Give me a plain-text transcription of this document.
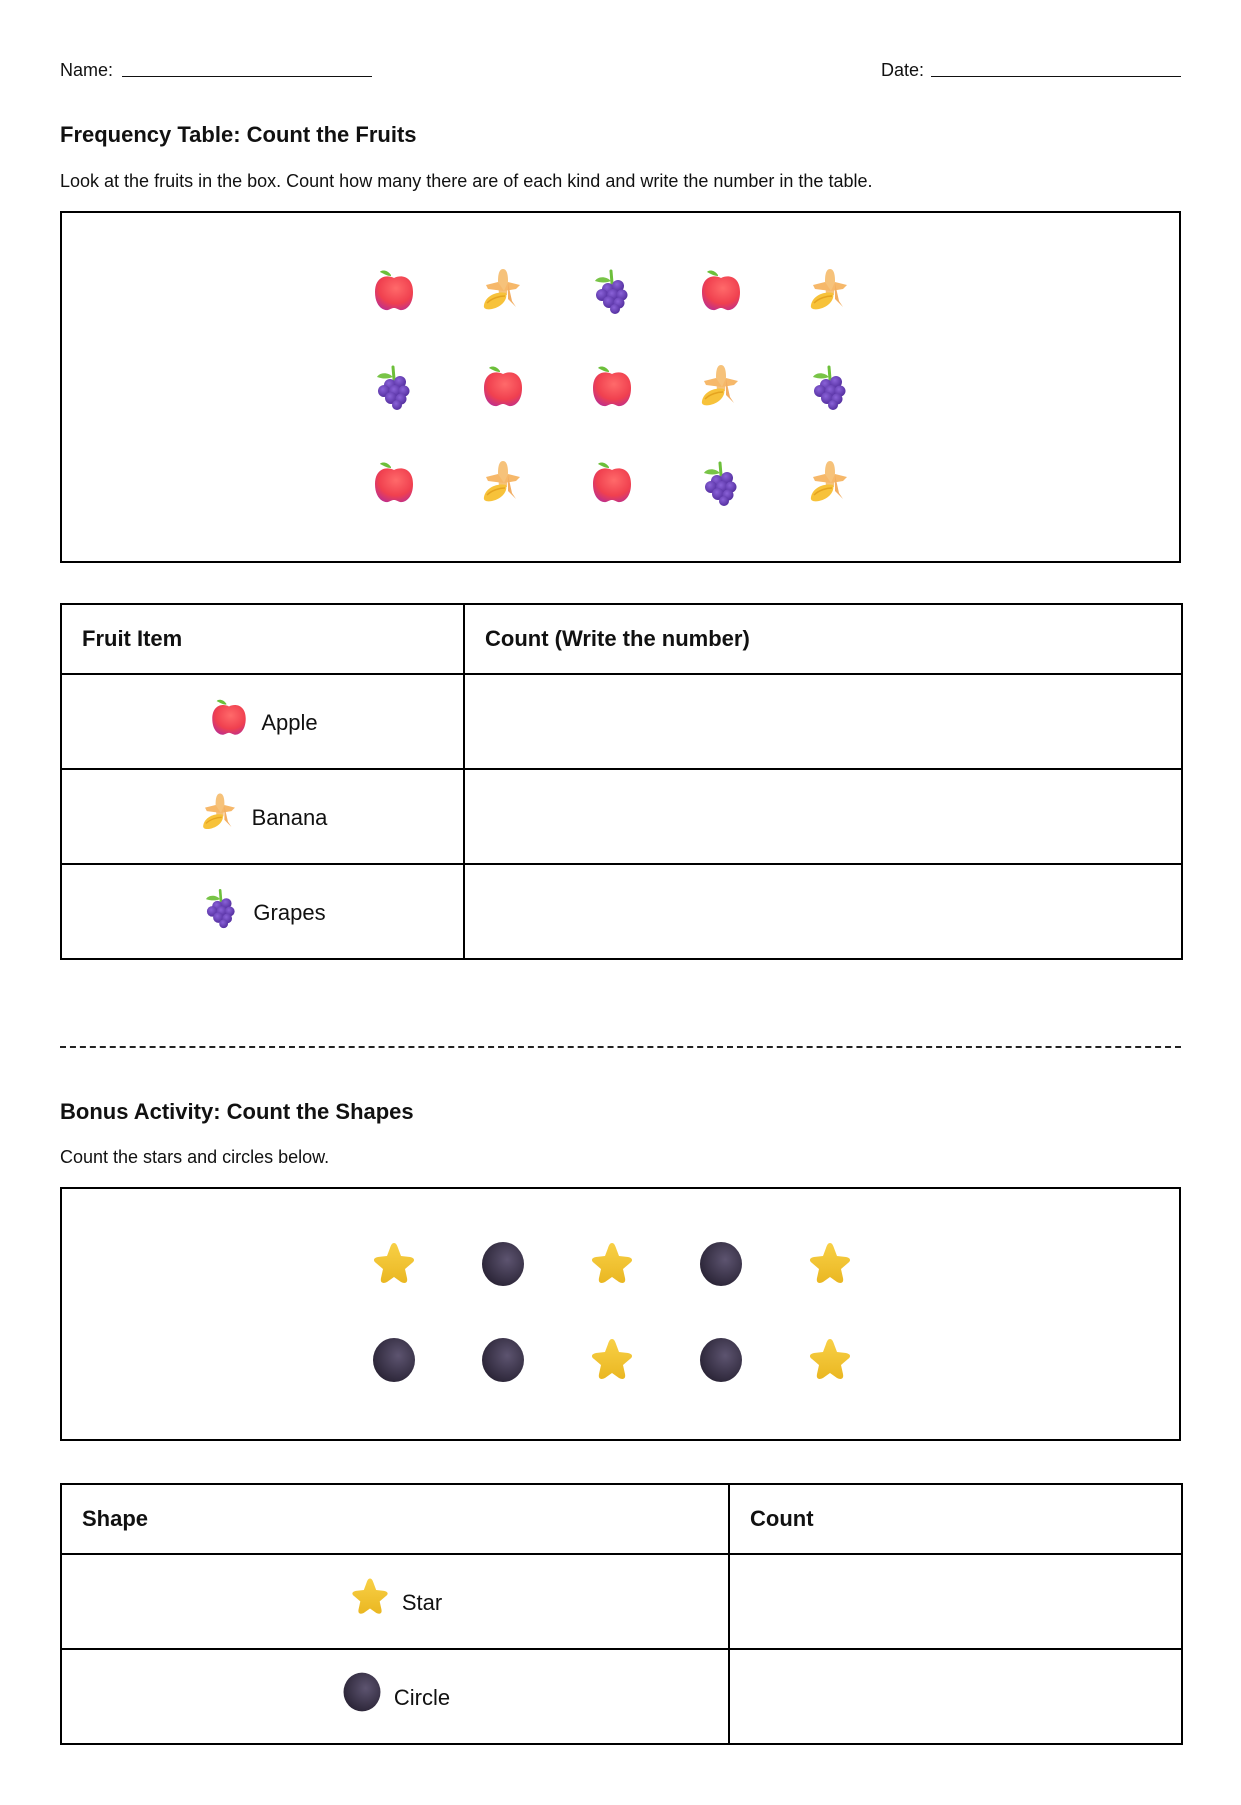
Name:	Date:
Frequency Table: Count the Fruits

Look at the fruits in the box. Count how many there are of each kind and write the number in the table.

Fruit Item	Count (Write the number)

Apple	

Banana	

Grapes	

Bonus Activity: Count the Shapes

Count the stars and circles below.

Shape	Count

Star	

Circle	
